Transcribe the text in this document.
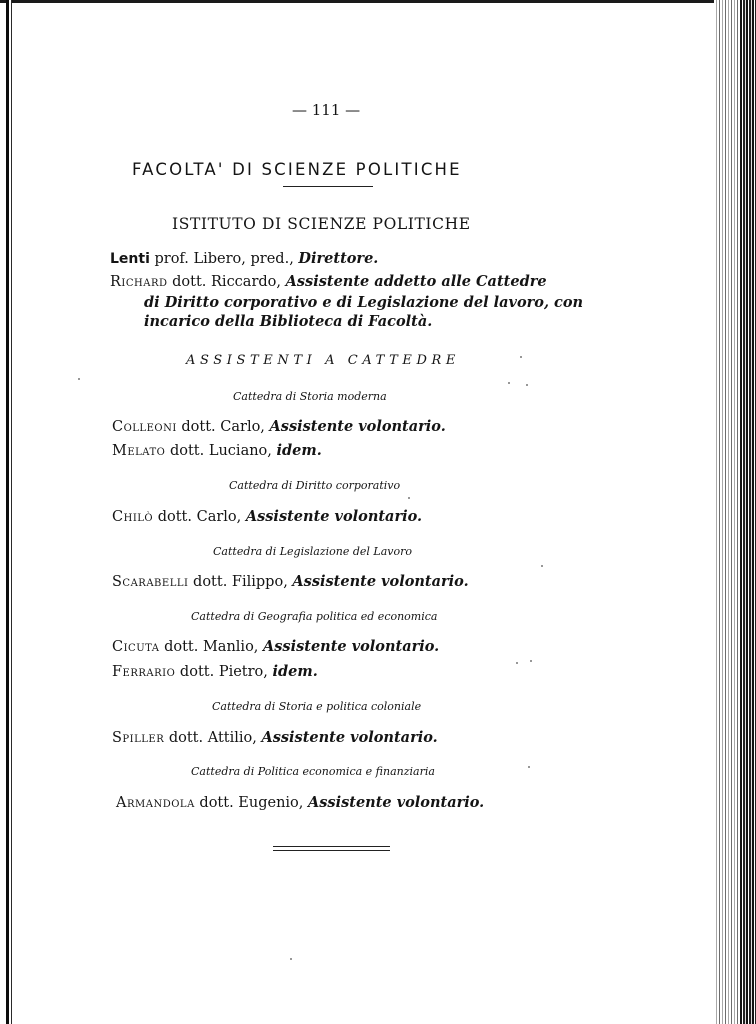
— 111 —
FACOLTA' DI SCIENZE POLITICHE
ISTITUTO DI SCIENZE POLITICHE
Lenti prof. Libero, pred., Direttore.
Richard dott. Riccardo, Assistente addetto alle Cattedre
di Diritto corporativo e di Legislazione del lavoro, con
incarico della Biblioteca di Facoltà.
ASSISTENTI A CATTEDRE
Cattedra di Storia moderna
Colleoni dott. Carlo, Assistente volontario.
Melato dott. Luciano, idem.
Cattedra di Diritto corporativo
Chilò dott. Carlo, Assistente volontario.
Cattedra di Legislazione del Lavoro
Scarabelli dott. Filippo, Assistente volontario.
Cattedra di Geografia politica ed economica
Cicuta dott. Manlio, Assistente volontario.
Ferrario dott. Pietro, idem.
Cattedra di Storia e politica coloniale
Spiller dott. Attilio, Assistente volontario.
Cattedra di Politica economica e finanziaria
Armandola dott. Eugenio, Assistente volontario.
